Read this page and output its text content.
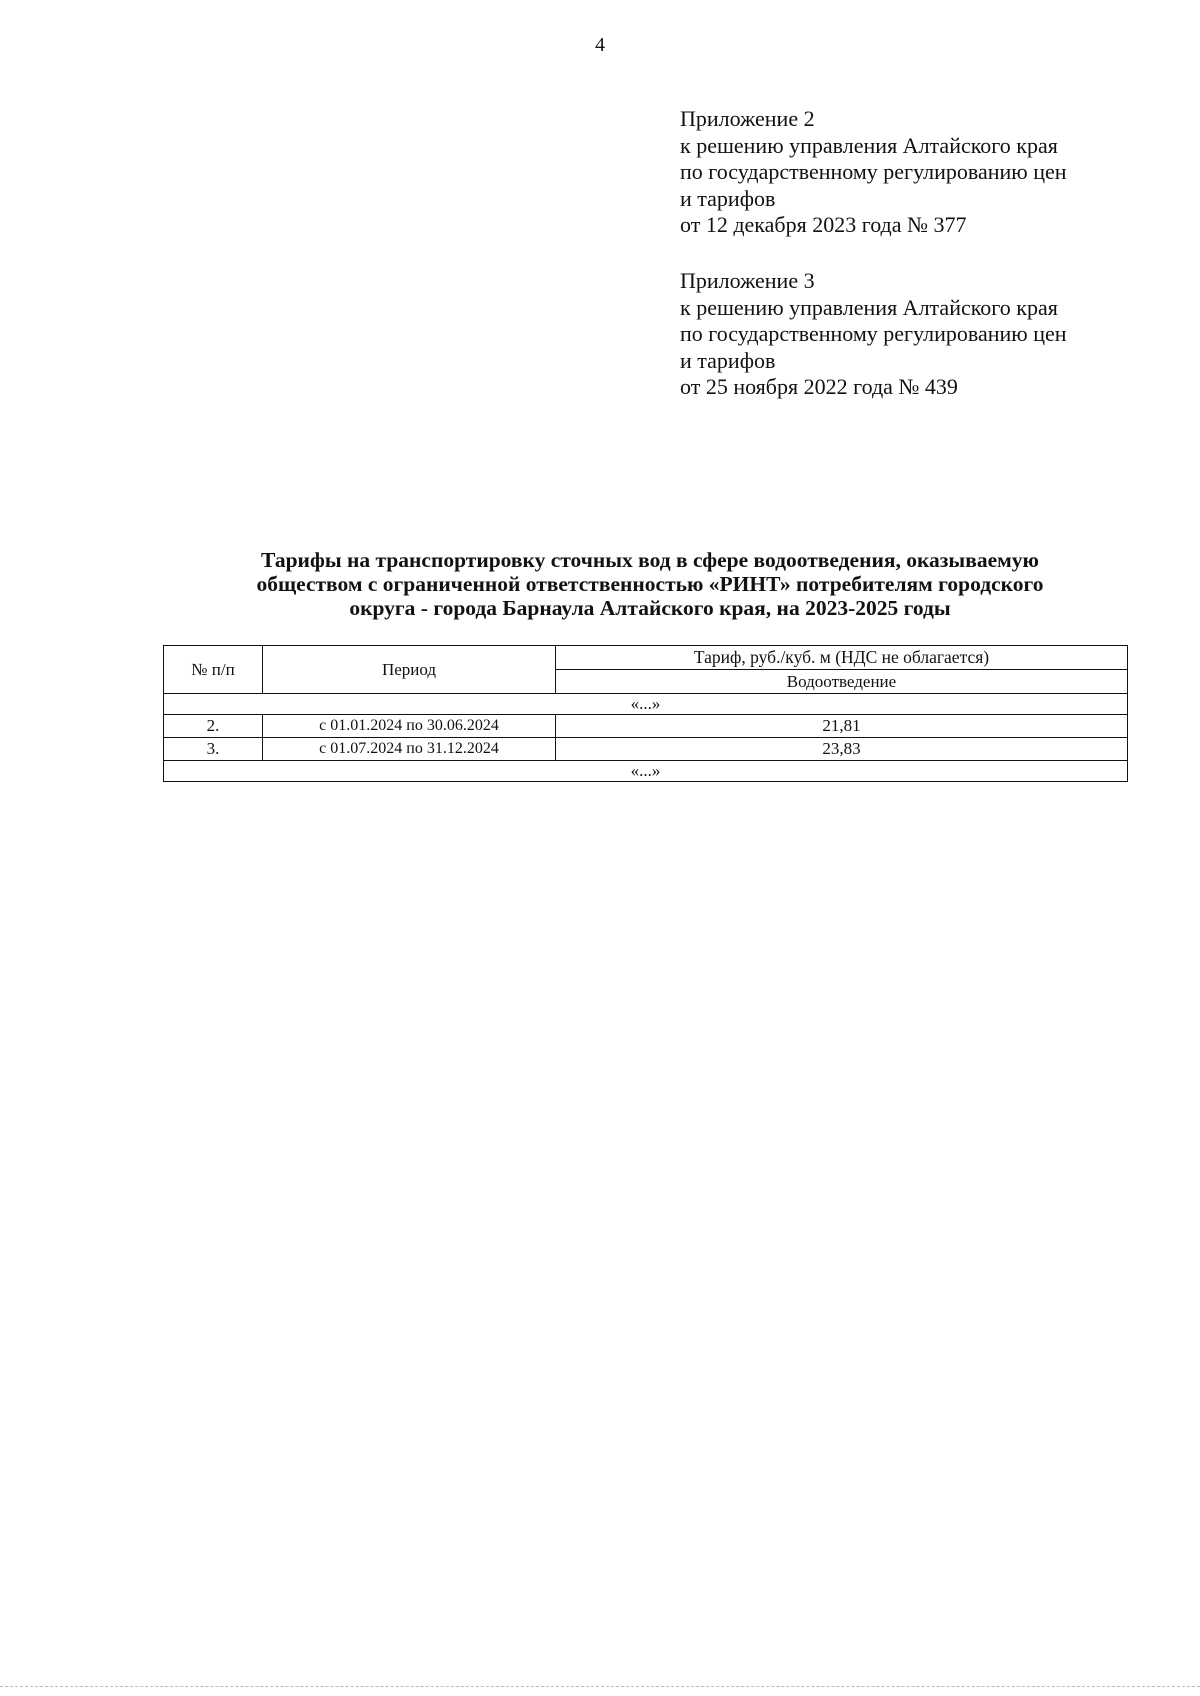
4
Приложение 2
к решению управления Алтайского края
по государственному регулированию цен
и тарифов
от 12 декабря 2023 года № 377
Приложение 3
к решению управления Алтайского края
по государственному регулированию цен
и тарифов
от 25 ноября 2022 года № 439
Тарифы на транспортировку сточных вод в сфере водоотведения, оказываемую
обществом с ограниченной ответственностью «РИНТ» потребителям городского
округа - города Барнаула Алтайского края, на 2023-2025 годы
№ п/п	Период	Тариф, руб./куб. м (НДС не облагается)
		Водоотведение
«...»		
2.	с 01.01.2024 по 30.06.2024	21,81
3.	с 01.07.2024 по 31.12.2024	23,83
«...»		
